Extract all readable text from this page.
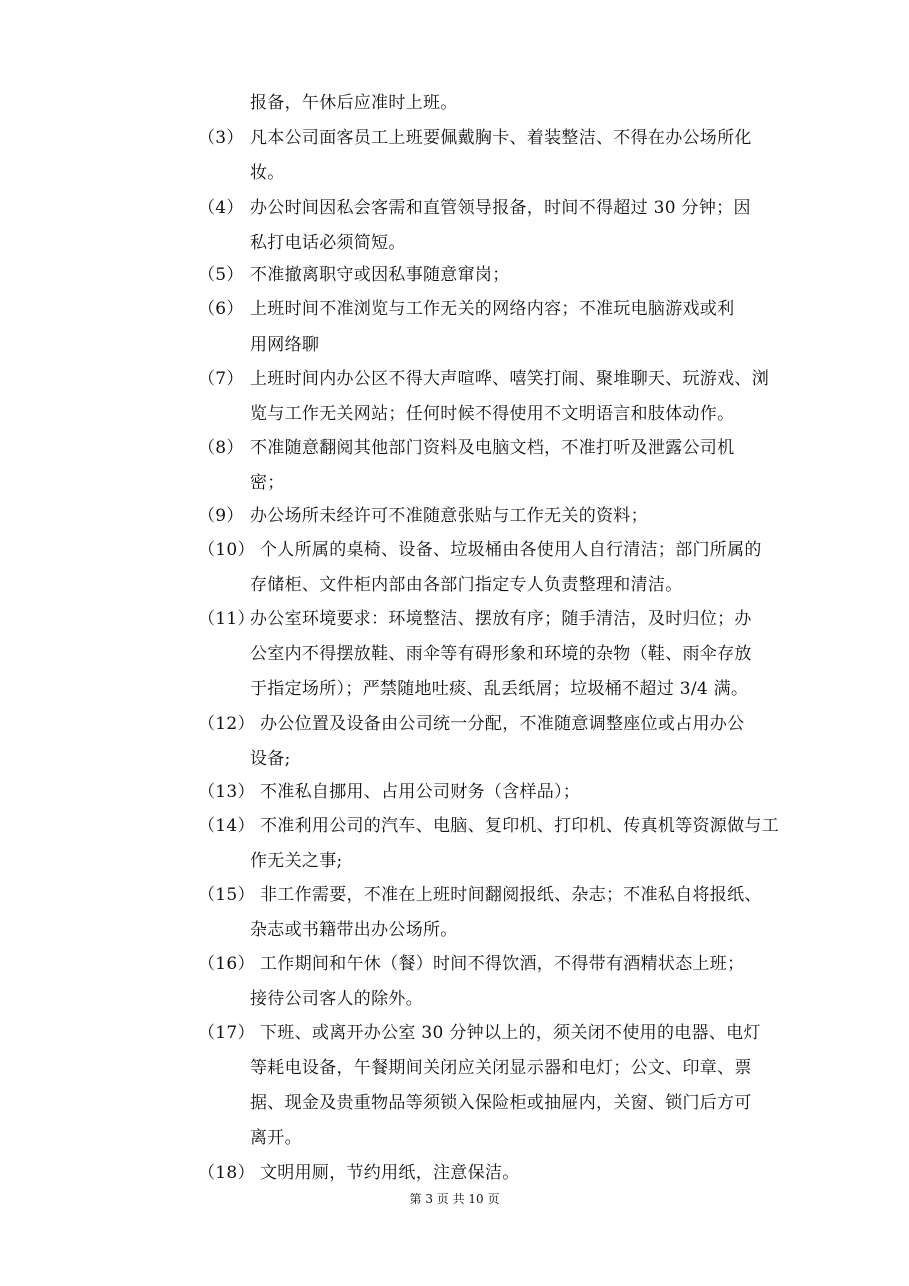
报备，午休后应准时上班。
（3） 凡本公司面客员工上班要佩戴胸卡、着装整洁、不得在办公场所化
妆。
（4） 办公时间因私会客需和直管领导报备，时间不得超过 30 分钟；因
私打电话必须简短。
（5） 不准撤离职守或因私事随意窜岗；
（6） 上班时间不准浏览与工作无关的网络内容；不准玩电脑游戏或利
用网络聊
（7） 上班时间内办公区不得大声喧哗、嘻笑打闹、聚堆聊天、玩游戏、浏
览与工作无关网站；任何时候不得使用不文明语言和肢体动作。
（8） 不准随意翻阅其他部门资料及电脑文档，不准打听及泄露公司机
密；
（9） 办公场所未经许可不准随意张贴与工作无关的资料；
（10） 个人所属的桌椅、设备、垃圾桶由各使用人自行清洁；部门所属的
存储柜、文件柜内部由各部门指定专人负责整理和清洁。
（11）
办公室环境要求：环境整洁、摆放有序；随手清洁，及时归位；办
公室内不得摆放鞋、雨伞等有碍形象和环境的杂物（鞋、雨伞存放
于指定场所）；严禁随地吐痰、乱丢纸屑；垃圾桶不超过 3/4 满。
（12） 办公位置及设备由公司统一分配，不准随意调整座位或占用办公
设备;
（13） 不准私自挪用、占用公司财务（含样品）；
（14） 不准利用公司的汽车、电脑、复印机、打印机、传真机等资源做与工
作无关之事;
（15） 非工作需要，不准在上班时间翻阅报纸、杂志；不准私自将报纸、
杂志或书籍带出办公场所。
（16） 工作期间和午休（餐）时间不得饮酒，不得带有酒精状态上班；
接待公司客人的除外。
（17） 下班、或离开办公室 30 分钟以上的，须关闭不使用的电器、电灯
等耗电设备，午餐期间关闭应关闭显示器和电灯；公文、印章、票
据、现金及贵重物品等须锁入保险柜或抽屉内，关窗、锁门后方可
离开。
（18） 文明用厕，节约用纸，注意保洁。
第 3 页 共 10 页
